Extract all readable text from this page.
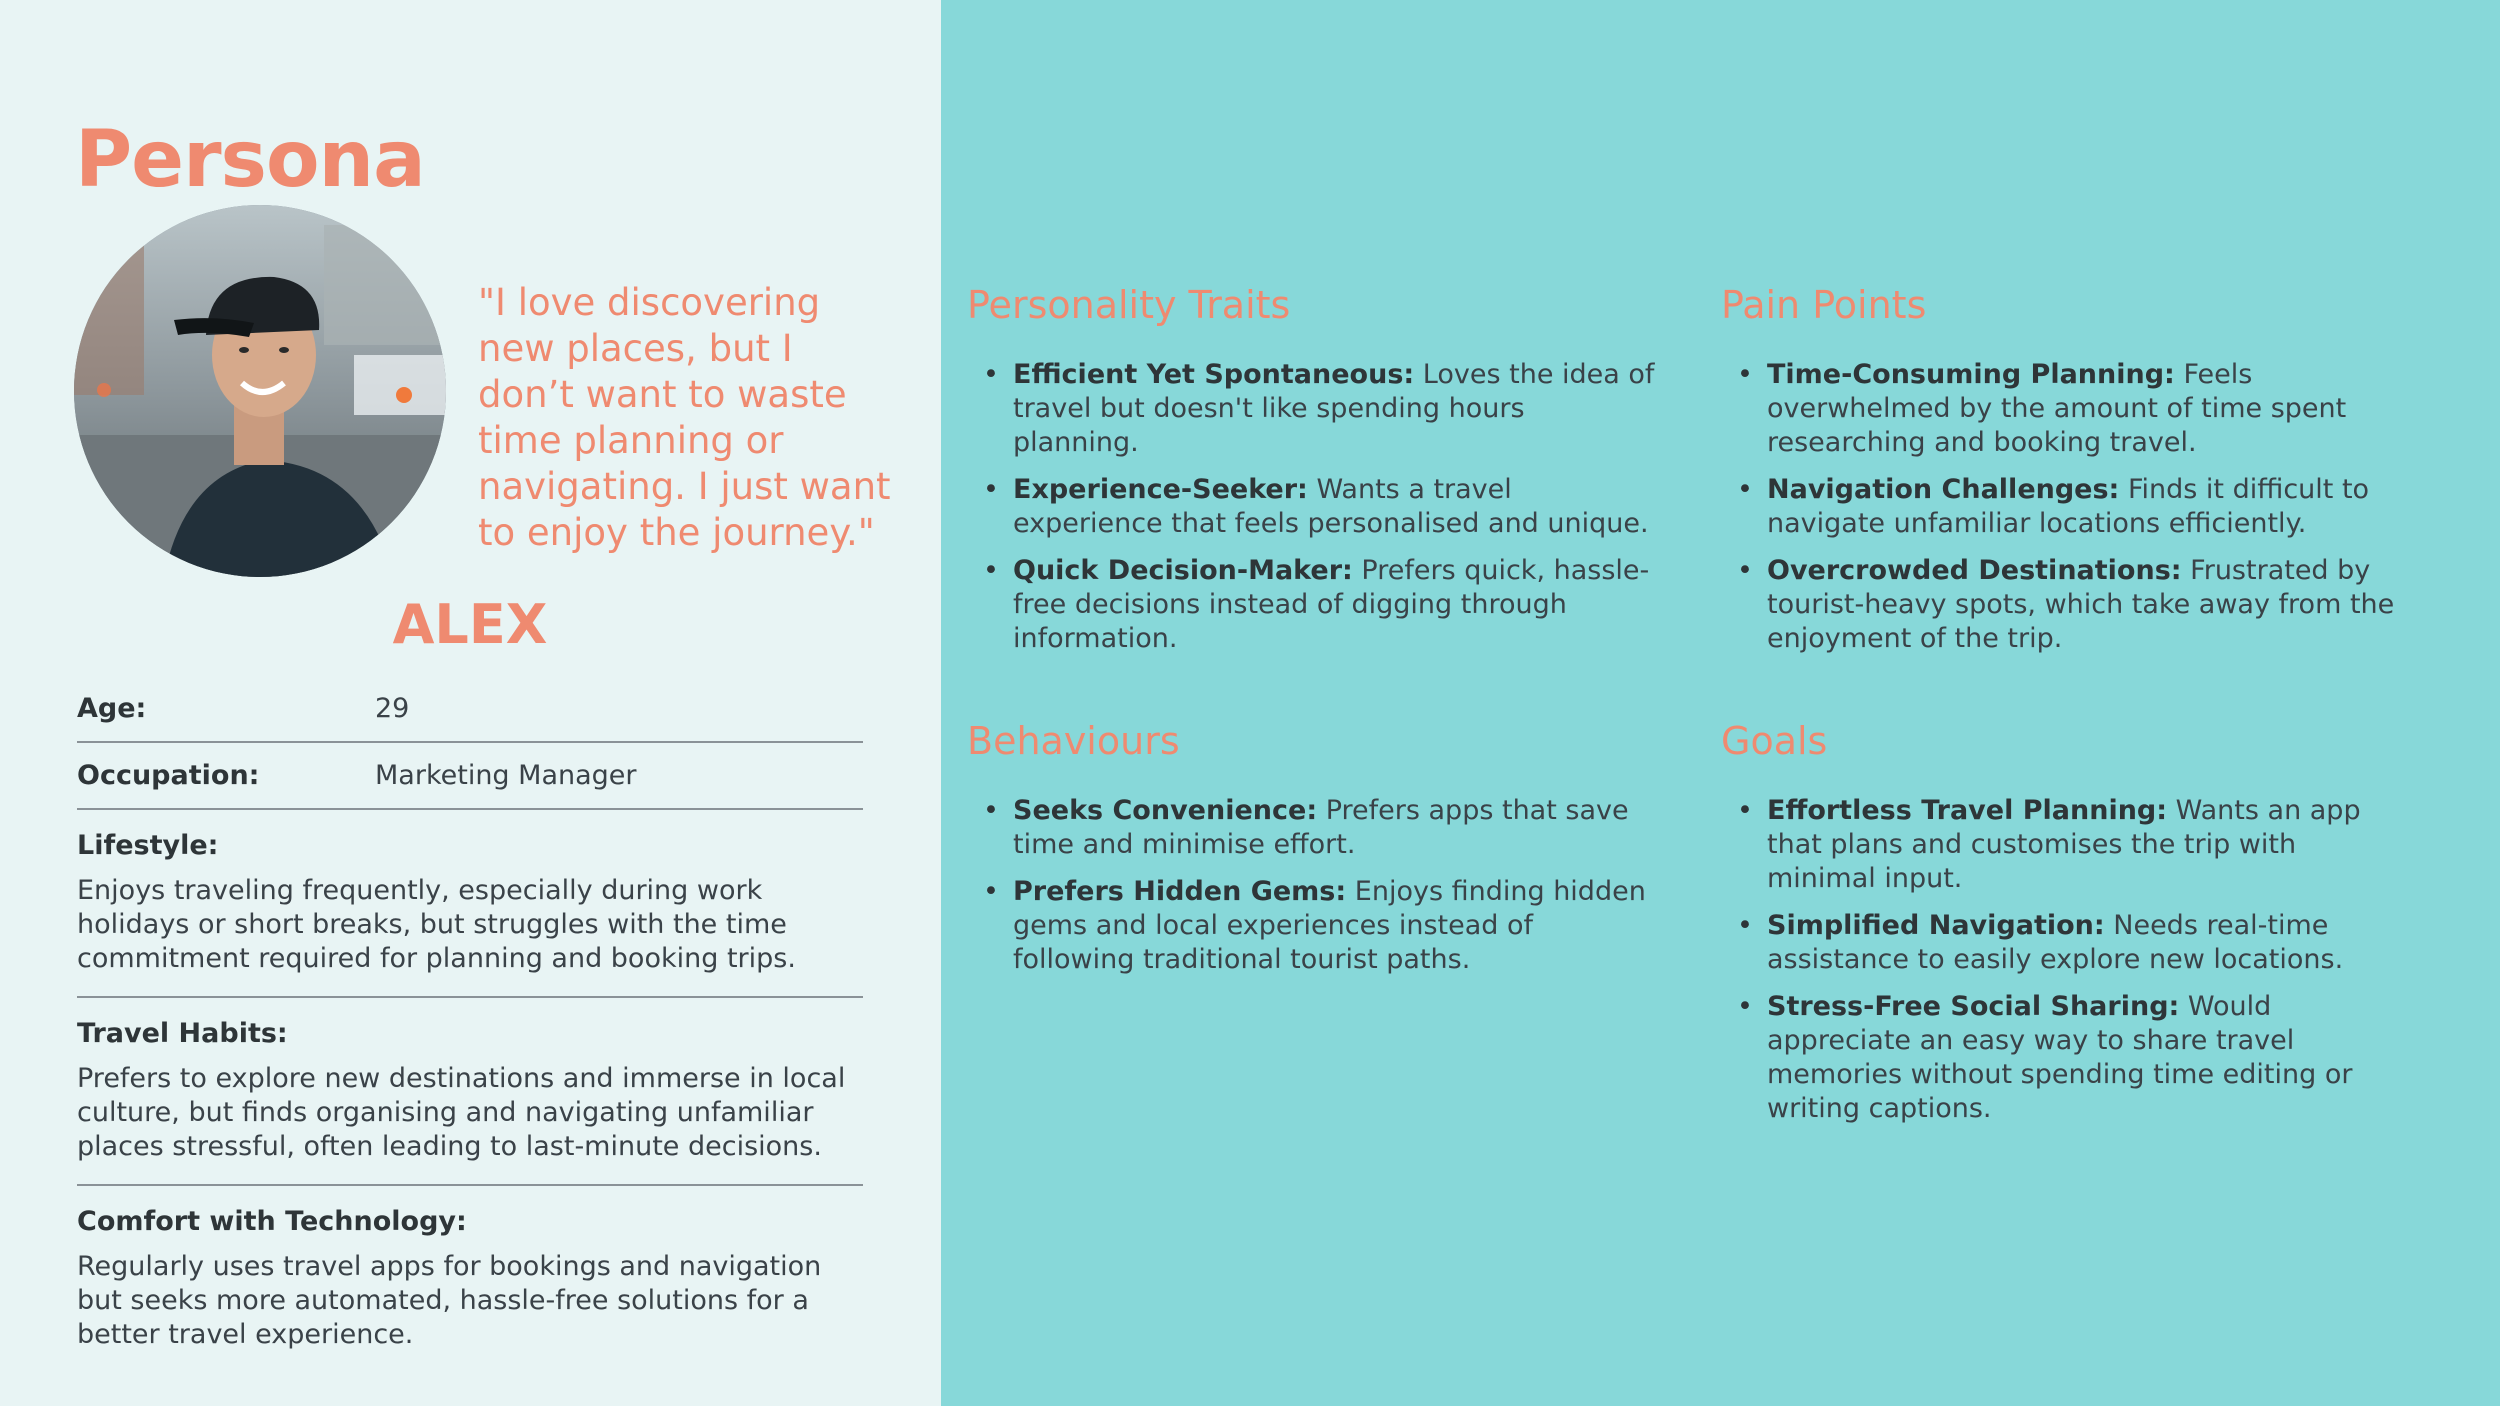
Persona

"I love discovering new places, but I don’t want to waste time planning or navigating. I just want to enjoy the journey."

ALEX
Age:	29
Occupation:	Marketing Manager
Lifestyle:
Enjoys traveling frequently, especially during work holidays or short breaks, but struggles with the time commitment required for planning and booking trips.
Travel Habits:
Prefers to explore new destinations and immerse in local culture, but finds organising and navigating unfamiliar places stressful, often leading to last-minute decisions.
Comfort with Technology:
Regularly uses travel apps for bookings and navigation but seeks more automated, hassle-free solutions for a better travel experience.
Personality Traits
• Efficient Yet Spontaneous: Loves the idea of travel but doesn't like spending hours planning.
• Experience-Seeker: Wants a travel experience that feels personalised and unique.
• Quick Decision-Maker: Prefers quick, hassle-free decisions instead of digging through information.
Pain Points
• Time-Consuming Planning: Feels overwhelmed by the amount of time spent researching and booking travel.
• Navigation Challenges: Finds it difficult to navigate unfamiliar locations efficiently.
• Overcrowded Destinations: Frustrated by tourist-heavy spots, which take away from the enjoyment of the trip.
Behaviours
• Seeks Convenience: Prefers apps that save time and minimise effort.
• Prefers Hidden Gems: Enjoys finding hidden gems and local experiences instead of following traditional tourist paths.
Goals
• Effortless Travel Planning: Wants an app that plans and customises the trip with minimal input.
• Simplified Navigation: Needs real-time assistance to easily explore new locations.
• Stress-Free Social Sharing: Would appreciate an easy way to share travel memories without spending time editing or writing captions.
